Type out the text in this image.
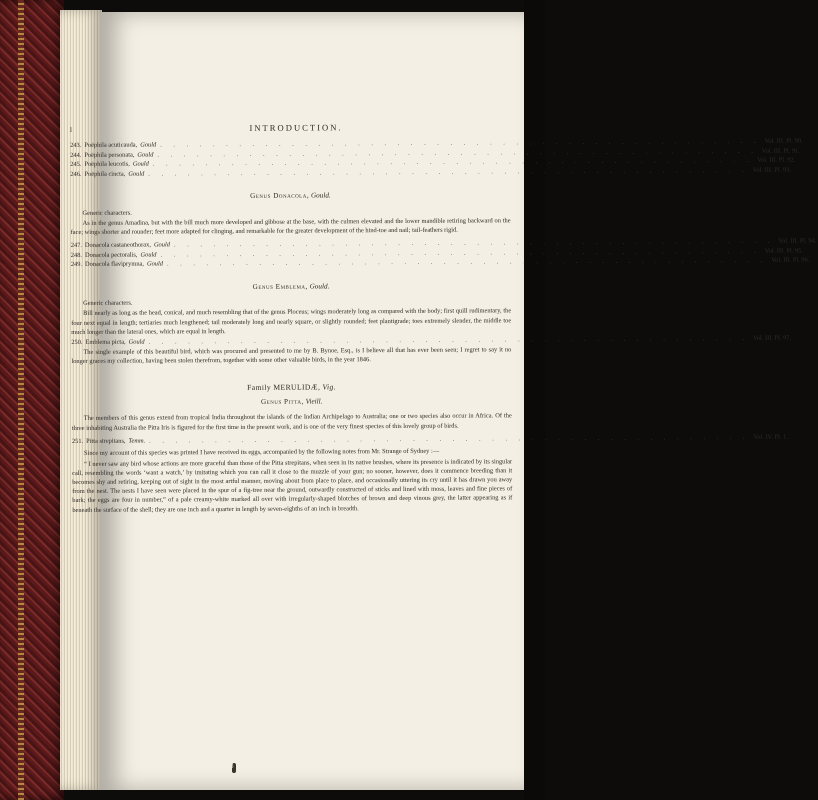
l	INTRODUCTION.
243. Poëphila acuticauda, Gould . . . . . . . . . . . . . . . . . . . . . . . . . . . . . . . . . . . . . . . . . . . . . . Vol. III. Pl. 90.
244. Poëphila personata, Gould . . . . . . . . . . . . . . . . . . . . . . . . . . . . . . . . . . . . . . . . . . . . . . Vol. III. Pl. 91.
245. Poëphila leucotis, Gould . . . . . . . . . . . . . . . . . . . . . . . . . . . . . . . . . . . . . . . . . . . . . . Vol. III. Pl. 92.
246. Poëphila cincta, Gould . . . . . . . . . . . . . . . . . . . . . . . . . . . . . . . . . . . . . . . . . . . . . . Vol. III. Pl. 93.
Genus Donacola, Gould.

Generic characters.

As in the genus Amadina, but with the bill much more developed and gibbose at the base, with the culmen elevated and the lower mandible retiring backward on the face; wings shorter and rounder; feet more adapted for clinging, and remarkable for the greater development of the hind-toe and nail; tail-feathers rigid.

247. Donacola castaneothorax, Gould . . . . . . . . . . . . . . . . . . . . . . . . . . . . . . . . . . . . . . . . . . . . . . Vol. III. Pl. 94.
248. Donacola pectoralis, Gould . . . . . . . . . . . . . . . . . . . . . . . . . . . . . . . . . . . . . . . . . . . . . . Vol. III. Pl. 95.
249. Donacola flaviprymna, Gould . . . . . . . . . . . . . . . . . . . . . . . . . . . . . . . . . . . . . . . . . . . . . . Vol. III. Pl. 96.
Genus Emblema, Gould.

Generic characters.

Bill nearly as long as the head, conical, and much resembling that of the genus Ploceus; wings moderately long as compared with the body; first quill rudimentary, the four next equal in length; tertiaries much lengthened; tail moderately long and nearly square, or slightly rounded; feet plantigrade; toes extremely slender, the middle toe much longer than the lateral ones, which are equal in length.

250. Emblema picta, Gould . . . . . . . . . . . . . . . . . . . . . . . . . . . . . . . . . . . . . . . . . . . . . . Vol. III. Pl. 97.

The single example of this beautiful bird, which was procured and presented to me by B. Bynoe, Esq., is I believe all that has ever been seen; I regret to say it no longer graces my collection, having been stolen therefrom, together with some other valuable birds, in the year 1846.

Family MERULIDÆ, Vig.
Genus Pitta, Vieill.

The members of this genus extend from tropical India throughout the islands of the Indian Archipelago to Australia; one or two species also occur in Africa. Of the three inhabiting Australia the Pitta Iris is figured for the first time in the present work, and is one of the very finest species of this lovely group of birds.

251. Pitta strepitans, Temm. . . . . . . . . . . . . . . . . . . . . . . . . . . . . . . . . . . . . . . . . . . . . . . Vol. IV. Pl. 1.

Since my account of this species was printed I have received its eggs, accompanied by the following notes from Mr. Strange of Sydney :—

“ I never saw any bird whose actions are more graceful than those of the Pitta strepitans, when seen in its native brushes, where its presence is indicated by its singular call, resembling the words ‘want a watch,’ by imitating which you can call it close to the muzzle of your gun; no sooner, however, does it commence breeding than it becomes shy and retiring, keeping out of sight in the most artful manner, moving about from place to place, and occasionally uttering its cry until it has drawn you away from the nest. The nests I have seen were placed in the spur of a fig-tree near the ground, outwardly constructed of sticks and lined with moss, leaves and fine pieces of bark; the eggs are four in number,” of a pale creamy-white marked all over with irregularly-shaped blotches of brown and deep vinous grey, the latter appearing as if beneath the surface of the shell; they are one inch and a quarter in length by seven-eighths of an inch in breadth.

8
